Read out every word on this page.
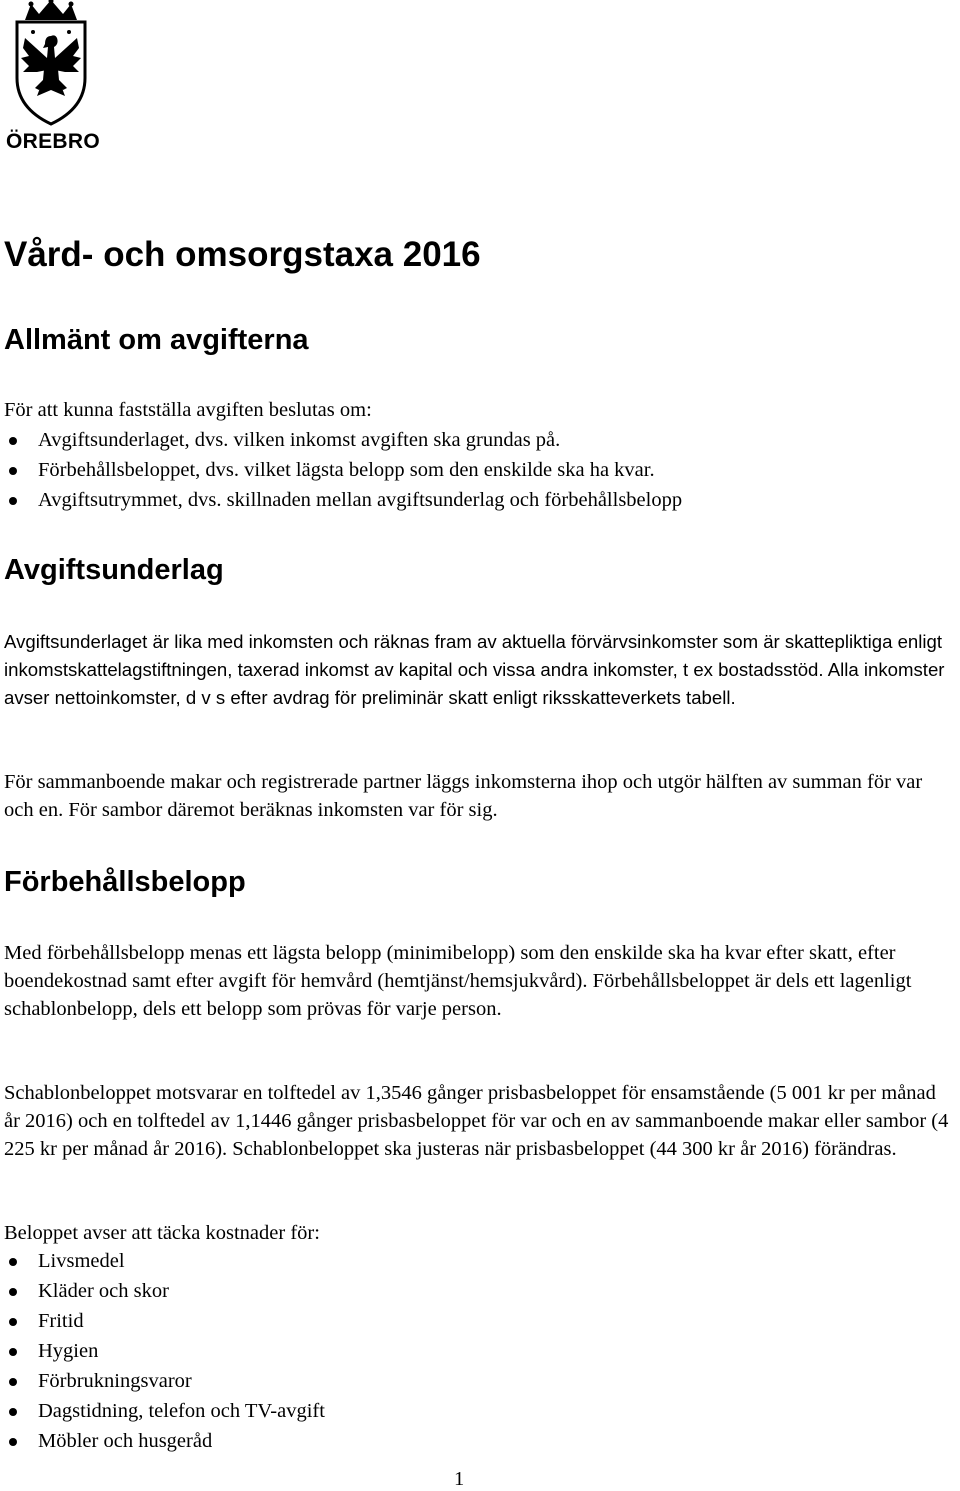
ÖREBRO
Vård- och omsorgstaxa 2016
Allmänt om avgifterna

För att kunna fastställa avgiften beslutas om:

Avgiftsunderlaget, dvs. vilken inkomst avgiften ska grundas på.
Förbehållsbeloppet, dvs. vilket lägsta belopp som den enskilde ska ha kvar.
Avgiftsutrymmet, dvs. skillnaden mellan avgiftsunderlag och förbehållsbelopp
Avgiftsunderlag

Avgiftsunderlaget är lika med inkomsten och räknas fram av aktuella förvärvsinkomster som är skattepliktiga enligt inkomstskattelagstiftningen, taxerad inkomst av kapital och vissa andra inkomster, t ex bostadsstöd. Alla inkomster avser nettoinkomster, d v s efter avdrag för preliminär skatt enligt riksskatteverkets tabell.

För sammanboende makar och registrerade partner läggs inkomsterna ihop och utgör hälften av summan för var och en. För sambor däremot beräknas inkomsten var för sig.

Förbehållsbelopp

Med förbehållsbelopp menas ett lägsta belopp (minimibelopp) som den enskilde ska ha kvar efter skatt, efter boendekostnad samt efter avgift för hemvård (hemtjänst/hemsjukvård). Förbehållsbeloppet är dels ett lagenligt schablonbelopp, dels ett belopp som prövas för varje person.

Schablonbeloppet motsvarar en tolftedel av 1,3546 gånger prisbasbeloppet för ensamstående (5 001 kr per månad år 2016) och en tolftedel av 1,1446 gånger prisbasbeloppet för var och en av sammanboende makar eller sambor (4 225 kr per månad år 2016). Schablonbeloppet ska justeras när prisbasbeloppet (44 300 kr år 2016) förändras.

Beloppet avser att täcka kostnader för:

Livsmedel
Kläder och skor
Fritid
Hygien
Förbrukningsvaror
Dagstidning, telefon och TV-avgift
Möbler och husgeråd
1
